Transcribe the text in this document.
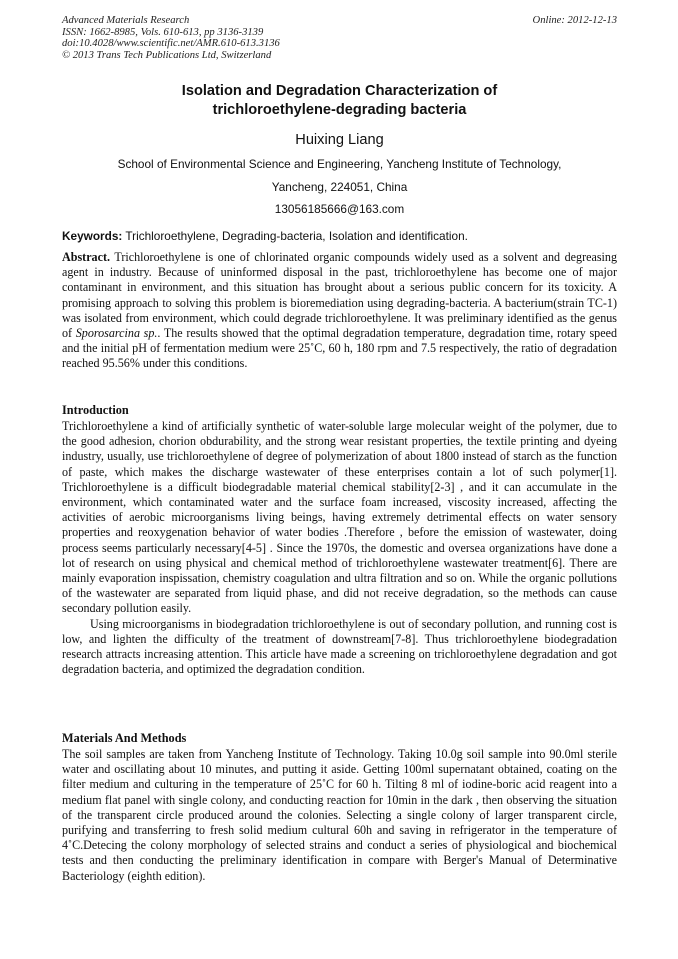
Advanced Materials Research
ISSN: 1662-8985, Vols. 610-613, pp 3136-3139
doi:10.4028/www.scientific.net/AMR.610-613.3136
© 2013 Trans Tech Publications Ltd, Switzerland
Online: 2012-12-13
Isolation and Degradation Characterization of
trichloroethylene-degrading bacteria
Huixing Liang
School of Environmental Science and Engineering, Yancheng Institute of Technology,
Yancheng, 224051, China
13056185666@163.com
Keywords: Trichloroethylene, Degrading-bacteria, Isolation and identification.
Abstract. Trichloroethylene is one of chlorinated organic compounds widely used as a solvent and degreasing agent in industry. Because of uninformed disposal in the past, trichloroethylene has become one of major contaminant in environment, and this situation has brought about a serious public concern for its toxicity. A promising approach to solving this problem is bioremediation using degrading-bacteria. A bacterium(strain TC-1) was isolated from environment, which could degrade trichloroethylene. It was preliminary identified as the genus of Sporosarcina sp.. The results showed that the optimal degradation temperature, degradation time, rotary speed and the initial pH of fermentation medium were 25˚C, 60 h, 180 rpm and 7.5 respectively, the ratio of degradation reached 95.56% under this conditions.
Introduction
Trichloroethylene a kind of artificially synthetic of water-soluble large molecular weight of the polymer, due to the good adhesion, chorion obdurability, and the strong wear resistant properties, the textile printing and dyeing industry, usually, use trichloroethylene of degree of polymerization of about 1800 instead of starch as the function of paste, which makes the discharge wastewater of these enterprises contain a lot of such polymer[1]. Trichloroethylene is a difficult biodegradable material chemical stability[2-3] , and it can accumulate in the environment, which contaminated water and the surface foam increased, viscosity increased, affecting the activities of aerobic microorganisms living beings, having extremely detrimental effects on water sensory properties and reoxygenation behavior of water bodies .Therefore , before the emission of wastewater, doing process seems particularly necessary[4-5] . Since the 1970s, the domestic and oversea organizations have done a lot of research on using physical and chemical method of trichloroethylene wastewater treatment[6]. There are mainly evaporation inspissation, chemistry coagulation and ultra filtration and so on. While the organic pollutions of the wastewater are separated from liquid phase, and did not receive degradation, so the methods can cause secondary pollution easily.
Using microorganisms in biodegradation trichloroethylene is out of secondary pollution, and running cost is low, and lighten the difficulty of the treatment of downstream[7-8]. Thus trichloroethylene biodegradation research attracts increasing attention. This article have made a screening on trichloroethylene degradation and got degradation bacteria, and optimized the degradation condition.
Materials And Methods
The soil samples are taken from Yancheng Institute of Technology. Taking 10.0g soil sample into 90.0ml sterile water and oscillating about 10 minutes, and putting it aside. Getting 100ml supernatant obtained, coating on the filter medium and culturing in the temperature of 25˚C for 60 h. Tilting 8 ml of iodine-boric acid reagent into a medium flat panel with single colony, and conducting reaction for 10min in the dark , then observing the situation of the transparent circle produced around the colonies. Selecting a single colony of larger transparent circle, purifying and transferring to fresh solid medium cultural 60h and saving in refrigerator in the temperature of 4˚C.Detecing the colony morphology of selected strains and conduct a series of physiological and biochemical tests and then conducting the preliminary identification in compare with Berger's Manual of Determinative Bacteriology (eighth edition).
